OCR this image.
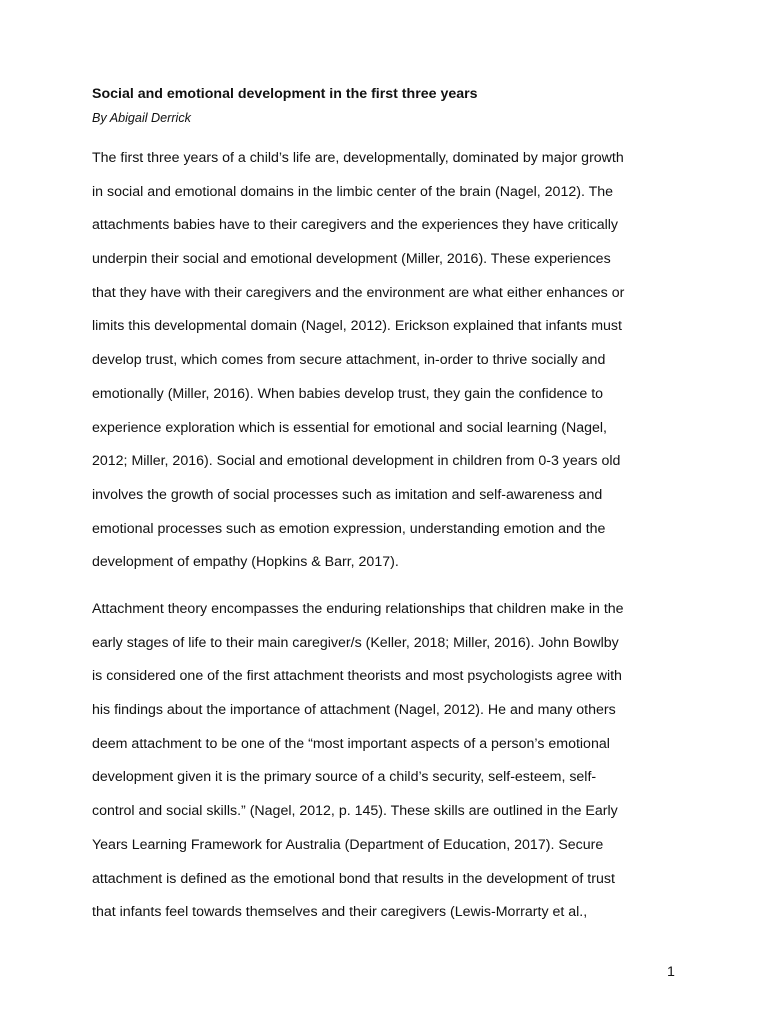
Social and emotional development in the first three years
By Abigail Derrick
The first three years of a child’s life are, developmentally, dominated by major growth
in social and emotional domains in the limbic center of the brain (Nagel, 2012). The
attachments babies have to their caregivers and the experiences they have critically
underpin their social and emotional development (Miller, 2016). These experiences
that they have with their caregivers and the environment are what either enhances or
limits this developmental domain (Nagel, 2012). Erickson explained that infants must
develop trust, which comes from secure attachment, in-order to thrive socially and
emotionally (Miller, 2016). When babies develop trust, they gain the confidence to
experience exploration which is essential for emotional and social learning (Nagel,
2012; Miller, 2016). Social and emotional development in children from 0-3 years old
involves the growth of social processes such as imitation and self-awareness and
emotional processes such as emotion expression, understanding emotion and the
development of empathy (Hopkins & Barr, 2017).
Attachment theory encompasses the enduring relationships that children make in the
early stages of life to their main caregiver/s (Keller, 2018; Miller, 2016). John Bowlby
is considered one of the first attachment theorists and most psychologists agree with
his findings about the importance of attachment (Nagel, 2012). He and many others
deem attachment to be one of the “most important aspects of a person’s emotional
development given it is the primary source of a child’s security, self-esteem, self-
control and social skills.” (Nagel, 2012, p. 145). These skills are outlined in the Early
Years Learning Framework for Australia (Department of Education, 2017). Secure
attachment is defined as the emotional bond that results in the development of trust
that infants feel towards themselves and their caregivers (Lewis-Morrarty et al.,
1
